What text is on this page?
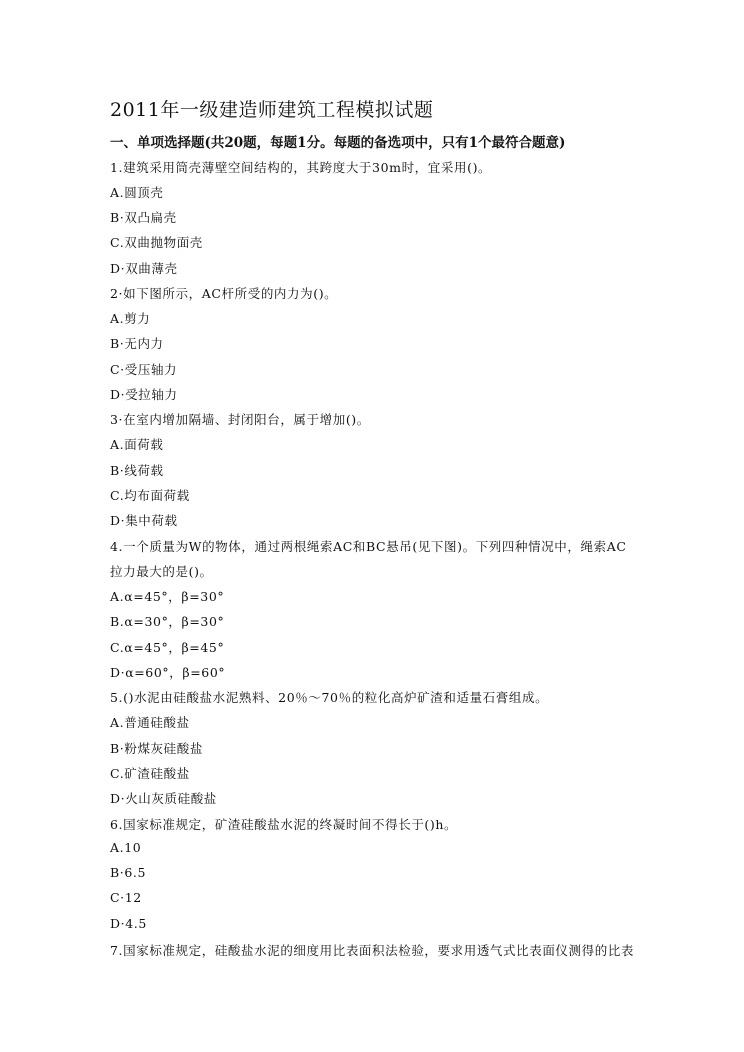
2011年一级建造师建筑工程模拟试题
一、单项选择题(共20题，每题1分。每题的备选项中，只有1个最符合题意)
1.建筑采用筒壳薄壁空间结构的，其跨度大于30m时，宜采用()。
A.圆顶壳
B·双凸扁壳
C.双曲抛物面壳
D·双曲薄壳
2·如下图所示，AC杆所受的内力为()。
A.剪力
B·无内力
C·受压轴力
D·受拉轴力
3·在室内增加隔墙、封闭阳台，属于增加()。
A.面荷载
B·线荷载
C.均布面荷载
D·集中荷载
4.一个质量为W的物体，通过两根绳索AC和BC悬吊(见下图)。下列四种情况中，绳索AC
拉力最大的是()。
A.α=45°，β=30°
B.α=30°，β=30°
C.α=45°，β=45°
D·α=60°，β=60°
5.()水泥由硅酸盐水泥熟料、20％～70％的粒化高炉矿渣和适量石膏组成。
A.普通硅酸盐
B·粉煤灰硅酸盐
C.矿渣硅酸盐
D·火山灰质硅酸盐
6.国家标准规定，矿渣硅酸盐水泥的终凝时间不得长于()h。
A.10
B·6.5
C·12
D·4.5
7.国家标准规定，硅酸盐水泥的细度用比表面积法检验，要求用透气式比表面仪测得的比表
